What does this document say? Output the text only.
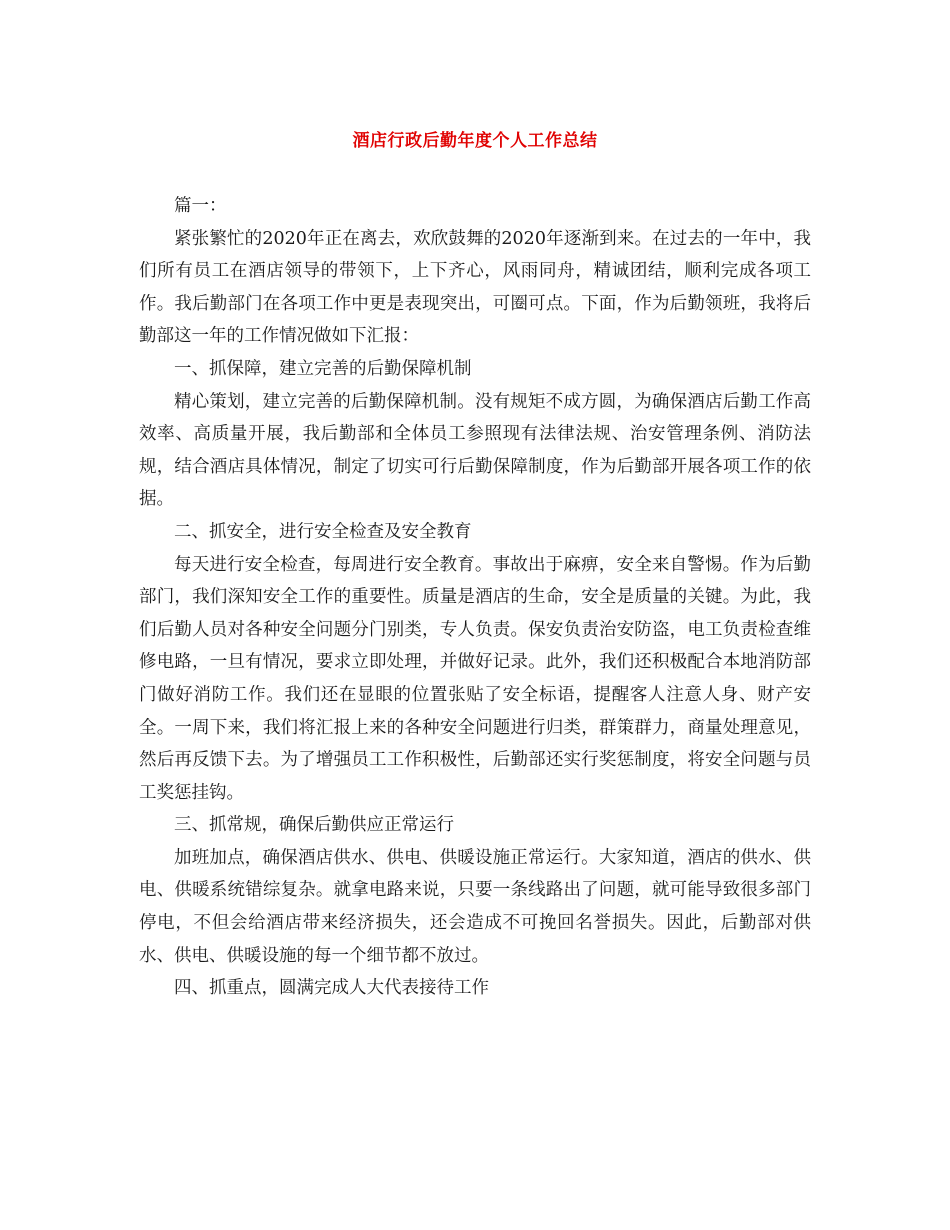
酒店行政后勤年度个人工作总结

篇一：

紧张繁忙的2020年正在离去，欢欣鼓舞的2020年逐渐到来。在过去的一年中，我们所有员工在酒店领导的带领下，上下齐心，风雨同舟，精诚团结，顺利完成各项工作。我后勤部门在各项工作中更是表现突出，可圈可点。下面，作为后勤领班，我将后勤部这一年的工作情况做如下汇报：

一、抓保障，建立完善的后勤保障机制

精心策划，建立完善的后勤保障机制。没有规矩不成方圆，为确保酒店后勤工作高效率、高质量开展，我后勤部和全体员工参照现有法律法规、治安管理条例、消防法规，结合酒店具体情况，制定了切实可行后勤保障制度，作为后勤部开展各项工作的依据。

二、抓安全，进行安全检查及安全教育

每天进行安全检查，每周进行安全教育。事故出于麻痹，安全来自警惕。作为后勤部门，我们深知安全工作的重要性。质量是酒店的生命，安全是质量的关键。为此，我们后勤人员对各种安全问题分门别类，专人负责。保安负责治安防盗，电工负责检查维修电路，一旦有情况，要求立即处理，并做好记录。此外，我们还积极配合本地消防部门做好消防工作。我们还在显眼的位置张贴了安全标语，提醒客人注意人身、财产安全。一周下来，我们将汇报上来的各种安全问题进行归类，群策群力，商量处理意见，然后再反馈下去。为了增强员工工作积极性，后勤部还实行奖惩制度，将安全问题与员工奖惩挂钩。

三、抓常规，确保后勤供应正常运行

加班加点，确保酒店供水、供电、供暖设施正常运行。大家知道，酒店的供水、供电、供暖系统错综复杂。就拿电路来说，只要一条线路出了问题，就可能导致很多部门停电，不但会给酒店带来经济损失，还会造成不可挽回名誉损失。因此，后勤部对供水、供电、供暖设施的每一个细节都不放过。

四、抓重点，圆满完成人大代表接待工作
